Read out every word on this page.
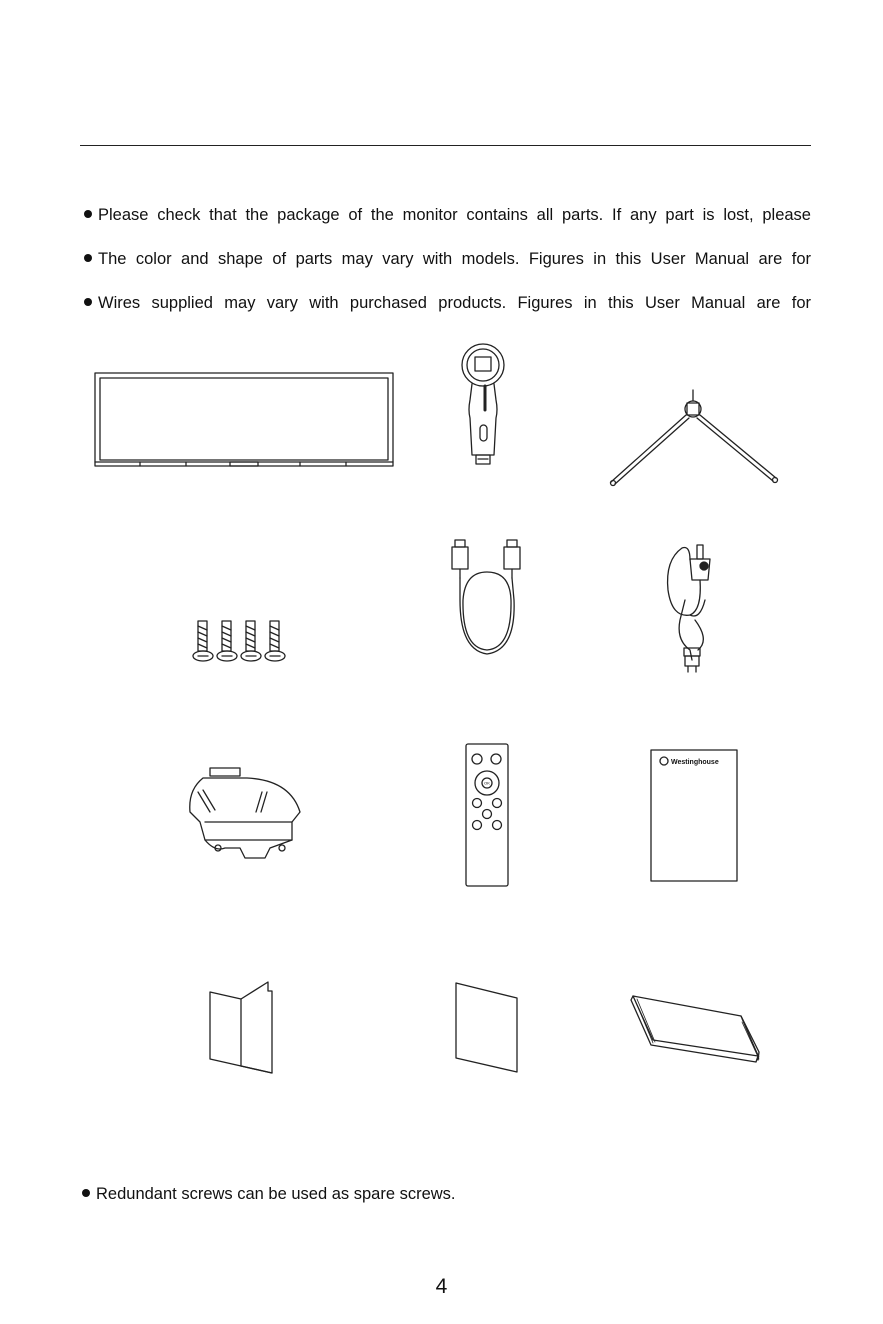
Please check that the package of the monitor contains all parts. If any part is lost, please
The color and shape of parts may vary with models. Figures in this User Manual are for
Wires supplied may vary with purchased products. Figures in this User Manual are for
OK
Westinghouse
Redundant screws can be used as spare screws.
4
